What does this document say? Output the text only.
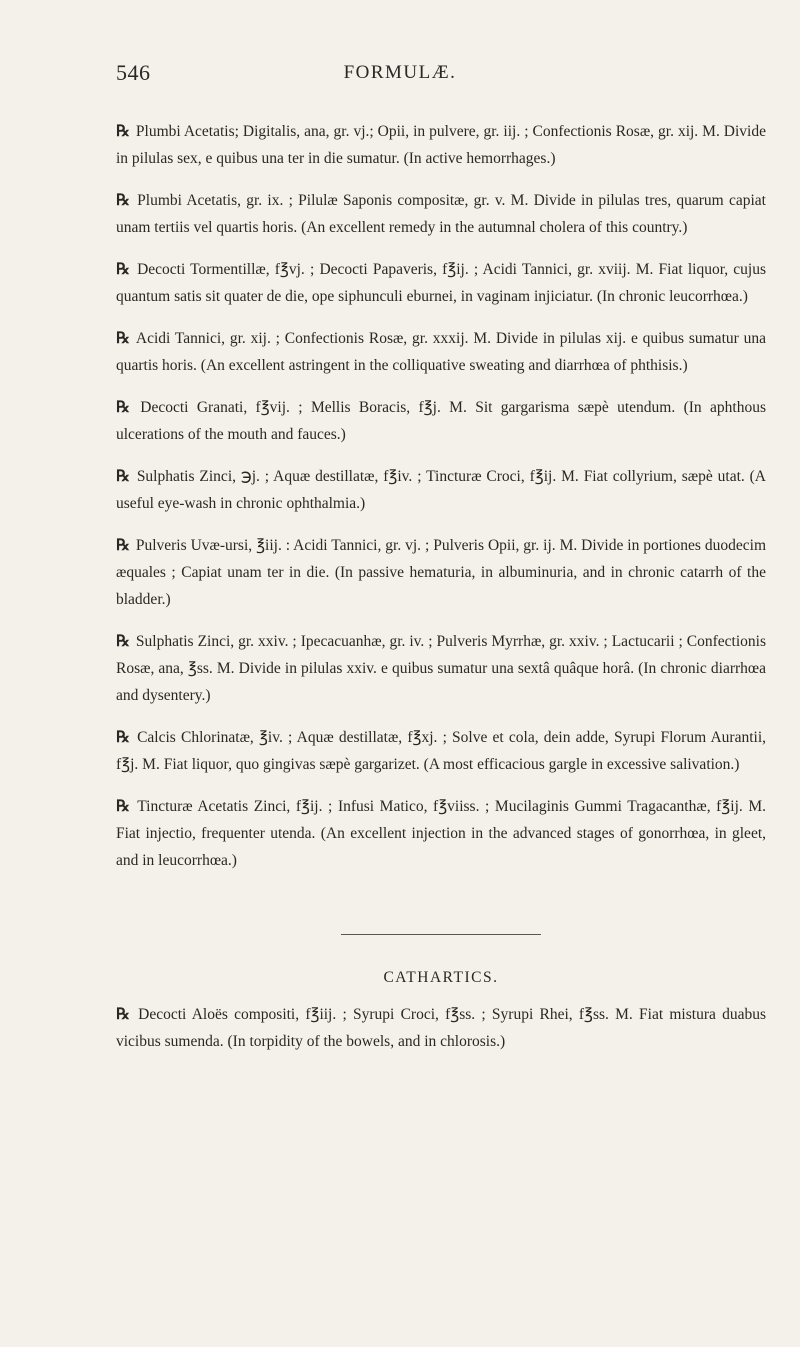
546	FORMULÆ.

℞ Plumbi Acetatis; Digitalis, ana, gr. vj.; Opii, in pulvere, gr. iij. ; Confectionis Rosæ, gr. xij. M. Divide in pilulas sex, e quibus una ter in die sumatur. (In active hemorrhages.)

℞ Plumbi Acetatis, gr. ix. ; Pilulæ Saponis compositæ, gr. v. M. Divide in pilulas tres, quarum capiat unam tertiis vel quartis horis. (An excellent remedy in the autumnal cholera of this country.)

℞ Decocti Tormentillæ, f℥vj. ; Decocti Papaveris, f℥ij. ; Acidi Tannici, gr. xviij. M. Fiat liquor, cujus quantum satis sit quater de die, ope siphunculi eburnei, in vaginam injiciatur. (In chronic leucorrhœa.)

℞ Acidi Tannici, gr. xij. ; Confectionis Rosæ, gr. xxxij. M. Divide in pilulas xij. e quibus sumatur una quartis horis. (An excellent astringent in the colliquative sweating and diarrhœa of phthisis.)

℞ Decocti Granati, f℥vij. ; Mellis Boracis, f℥j. M. Sit gargarisma sæpè utendum. (In aphthous ulcerations of the mouth and fauces.)

℞ Sulphatis Zinci, ℈j. ; Aquæ destillatæ, f℥iv. ; Tincturæ Croci, f℥ij. M. Fiat collyrium, sæpè utat. (A useful eye-wash in chronic ophthalmia.)

℞ Pulveris Uvæ-ursi, ℥iij. : Acidi Tannici, gr. vj. ; Pulveris Opii, gr. ij. M. Divide in portiones duodecim æquales ; Capiat unam ter in die. (In passive hematuria, in albuminuria, and in chronic catarrh of the bladder.)

℞ Sulphatis Zinci, gr. xxiv. ; Ipecacuanhæ, gr. iv. ; Pulveris Myrrhæ, gr. xxiv. ; Lactucarii ; Confectionis Rosæ, ana, ℥ss. M. Divide in pilulas xxiv. e quibus sumatur una sextâ quâque horâ. (In chronic diarrhœa and dysentery.)

℞ Calcis Chlorinatæ, ℥iv. ; Aquæ destillatæ, f℥xj. ; Solve et cola, dein adde, Syrupi Florum Aurantii, f℥j. M. Fiat liquor, quo gingivas sæpè gargarizet. (A most efficacious gargle in excessive salivation.)

℞ Tincturæ Acetatis Zinci, f℥ij. ; Infusi Matico, f℥viiss. ; Mucilaginis Gummi Tragacanthæ, f℥ij. M. Fiat injectio, frequenter utenda. (An excellent injection in the advanced stages of gonorrhœa, in gleet, and in leucorrhœa.)

CATHARTICS.

℞ Decocti Aloës compositi, f℥iij. ; Syrupi Croci, f℥ss. ; Syrupi Rhei, f℥ss. M. Fiat mistura duabus vicibus sumenda. (In torpidity of the bowels, and in chlorosis.)
